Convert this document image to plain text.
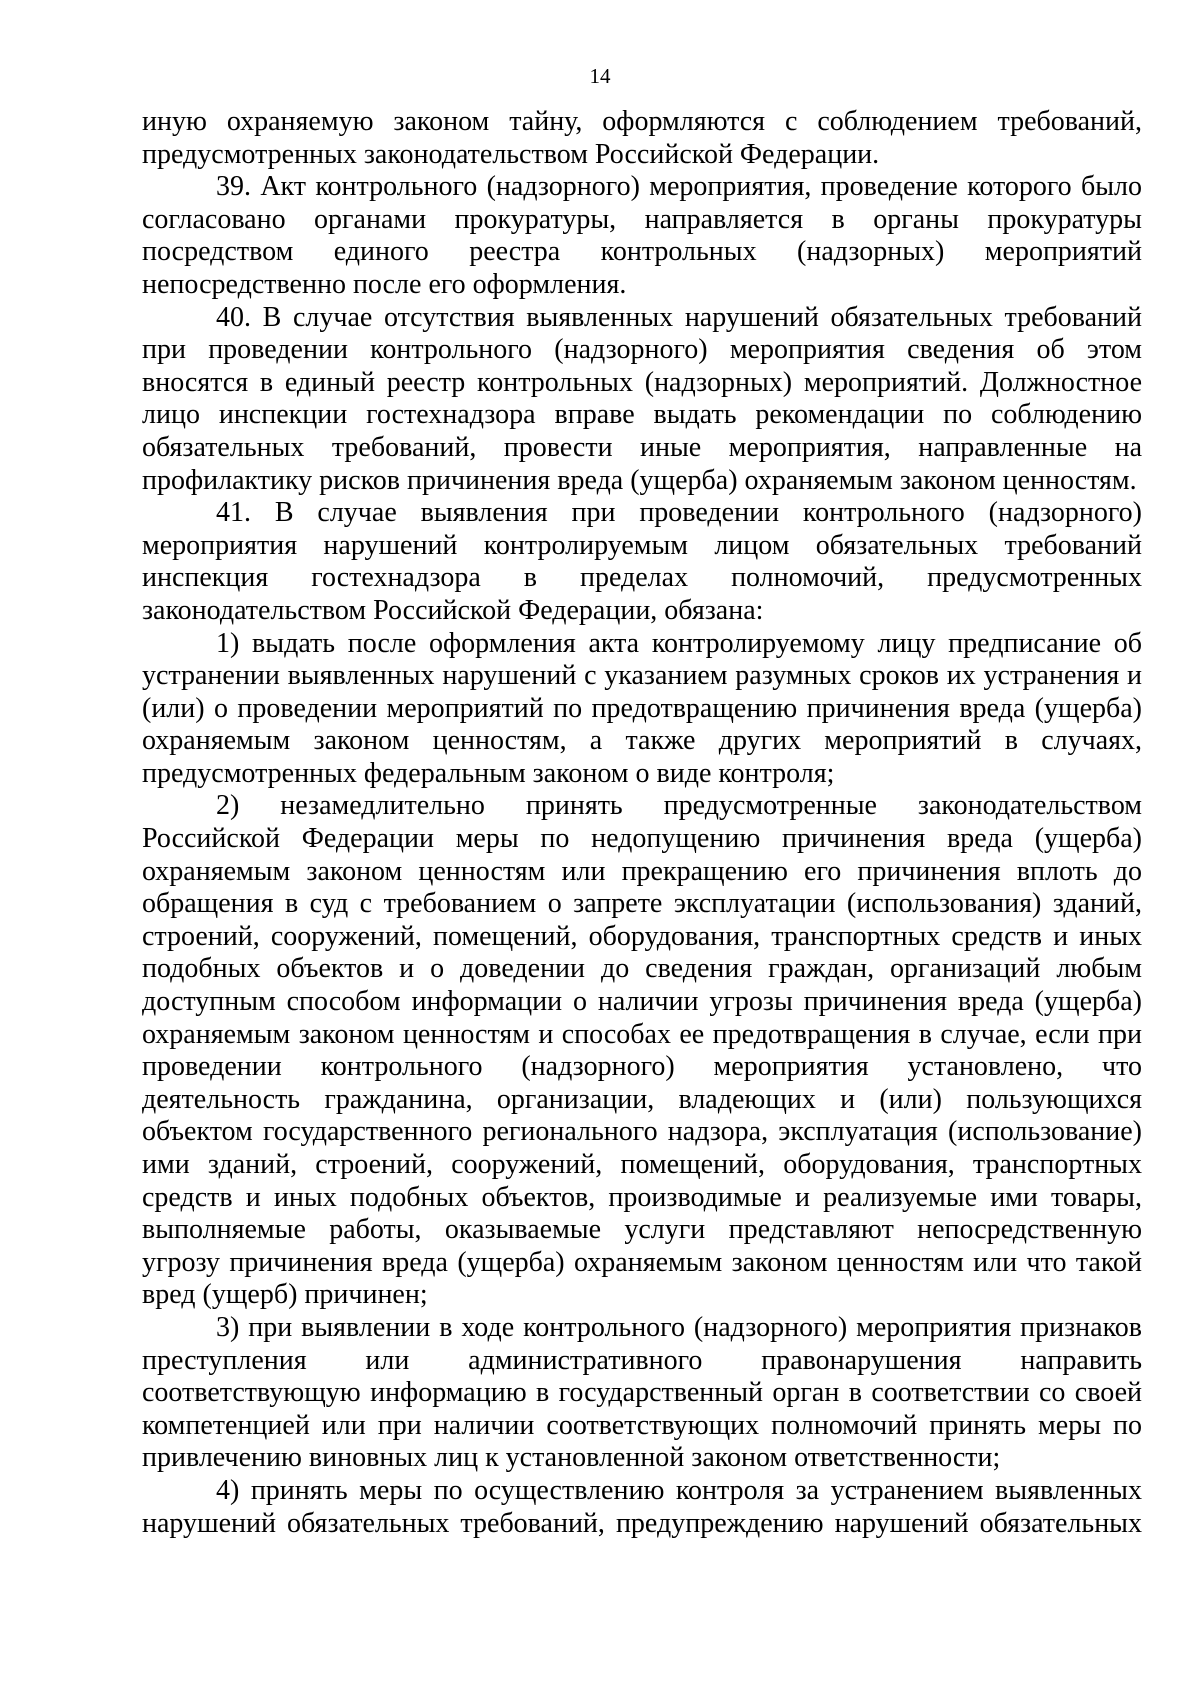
14

иную охраняемую законом тайну, оформляются с соблюдением требований, предусмотренных законодательством Российской Федерации.

39. Акт контрольного (надзорного) мероприятия, проведение которого было согласовано органами прокуратуры, направляется в органы прокуратуры посредством единого реестра контрольных (надзорных) мероприятий непосредственно после его оформления.

40. В случае отсутствия выявленных нарушений обязательных требований при проведении контрольного (надзорного) мероприятия сведения об этом вносятся в единый реестр контрольных (надзорных) мероприятий. Должностное лицо инспекции гостехнадзора вправе выдать рекомендации по соблюдению обязательных требований, провести иные мероприятия, направленные на профилактику рисков причинения вреда (ущерба) охраняемым законом ценностям.

41. В случае выявления при проведении контрольного (надзорного) мероприятия нарушений контролируемым лицом обязательных требований инспекция гостехнадзора в пределах полномочий, предусмотренных законодательством Российской Федерации, обязана:

1) выдать после оформления акта контролируемому лицу предписание об устранении выявленных нарушений с указанием разумных сроков их устранения и (или) о проведении мероприятий по предотвращению причинения вреда (ущерба) охраняемым законом ценностям, а также других мероприятий в случаях, предусмотренных федеральным законом о виде контроля;

2) незамедлительно принять предусмотренные законодательством Российской Федерации меры по недопущению причинения вреда (ущерба) охраняемым законом ценностям или прекращению его причинения вплоть до обращения в суд с требованием о запрете эксплуатации (использования) зданий, строений, сооружений, помещений, оборудования, транспортных средств и иных подобных объектов и о доведении до сведения граждан, организаций любым доступным способом информации о наличии угрозы причинения вреда (ущерба) охраняемым законом ценностям и способах ее предотвращения в случае, если при проведении контрольного (надзорного) мероприятия установлено, что деятельность гражданина, организации, владеющих и (или) пользующихся объектом государственного регионального надзора, эксплуатация (использование) ими зданий, строений, сооружений, помещений, оборудования, транспортных средств и иных подобных объектов, производимые и реализуемые ими товары, выполняемые работы, оказываемые услуги представляют непосредственную угрозу причинения вреда (ущерба) охраняемым законом ценностям или что такой вред (ущерб) причинен;

3) при выявлении в ходе контрольного (надзорного) мероприятия признаков преступления или административного правонарушения направить соответствующую информацию в государственный орган в соответствии со своей компетенцией или при наличии соответствующих полномочий принять меры по привлечению виновных лиц к установленной законом ответственности;

4) принять меры по осуществлению контроля за устранением выявленных нарушений обязательных требований, предупреждению нарушений обязательных
